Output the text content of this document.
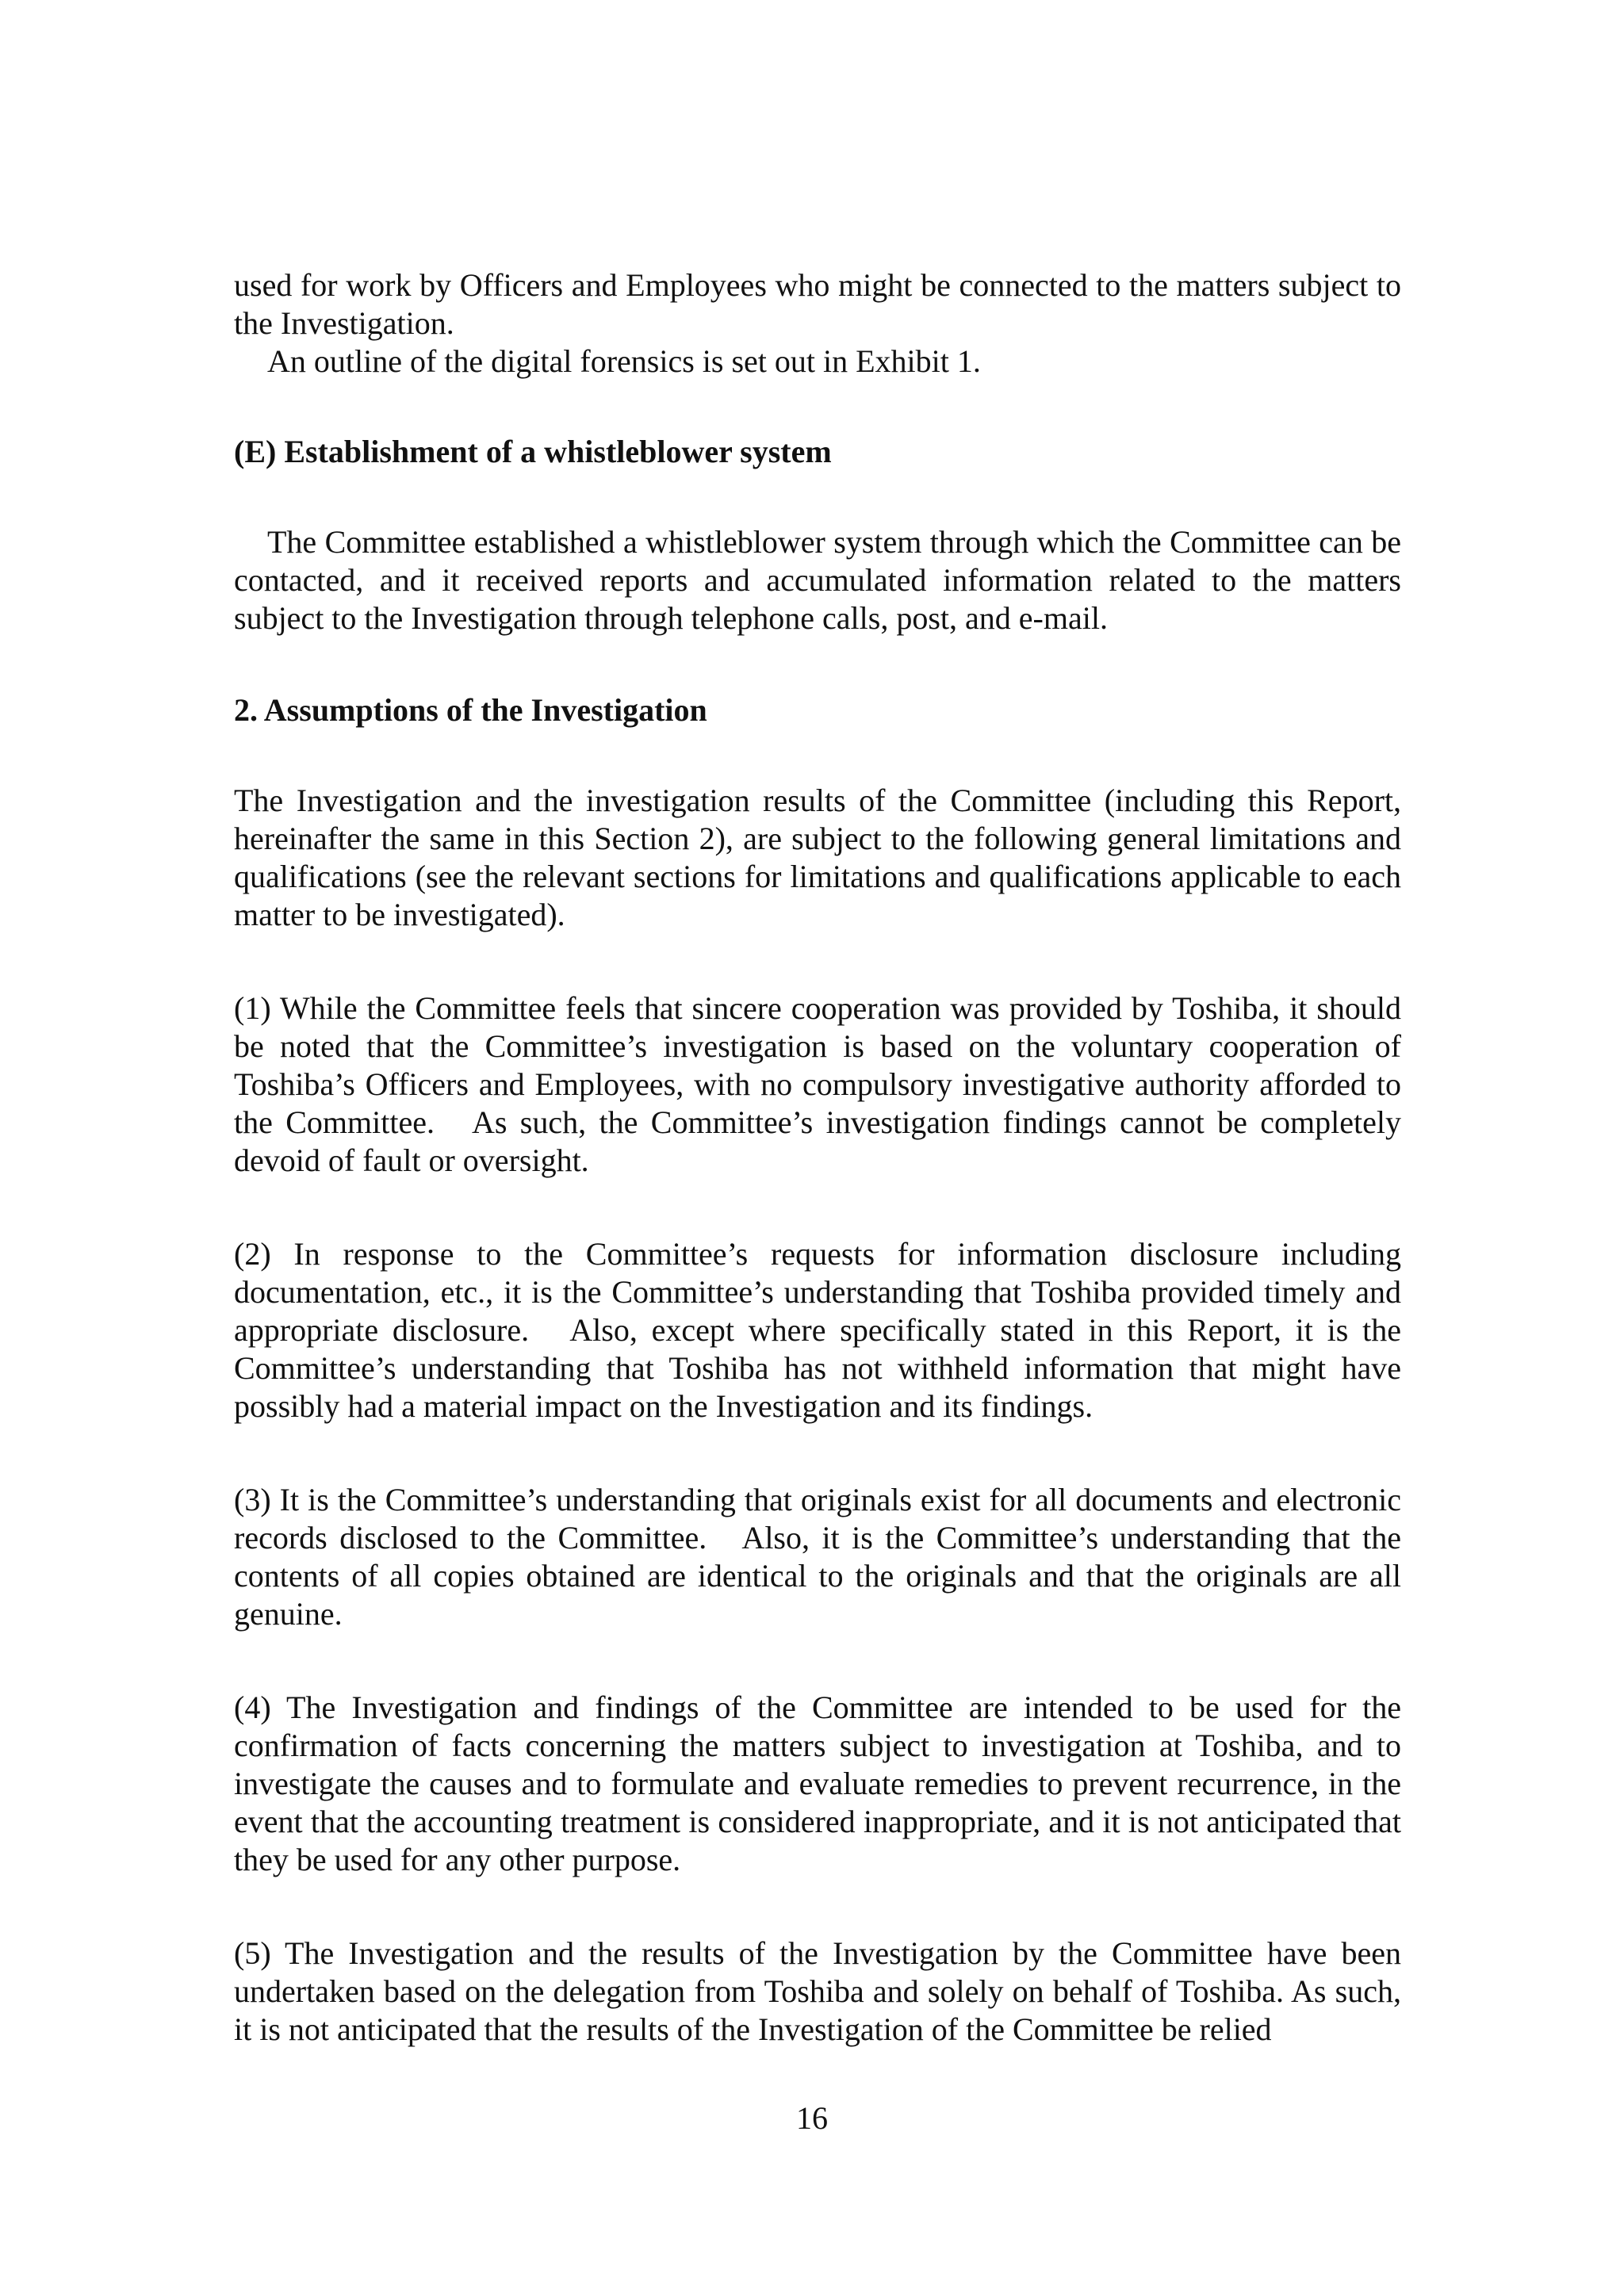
used for work by Officers and Employees who might be connected to the matters subject to the Investigation.

An outline of the digital forensics is set out in Exhibit 1.

(E) Establishment of a whistleblower system

The Committee established a whistleblower system through which the Committee can be contacted, and it received reports and accumulated information related to the matters subject to the Investigation through telephone calls, post, and e-mail.

2. Assumptions of the Investigation

The Investigation and the investigation results of the Committee (including this Report, hereinafter the same in this Section 2), are subject to the following general limitations and qualifications (see the relevant sections for limitations and qualifications applicable to each matter to be investigated).

(1) While the Committee feels that sincere cooperation was provided by Toshiba, it should be noted that the Committee’s investigation is based on the voluntary cooperation of Toshiba’s Officers and Employees, with no compulsory investigative authority afforded to the Committee.   As such, the Committee’s investigation findings cannot be completely devoid of fault or oversight.

(2) In response to the Committee’s requests for information disclosure including documentation, etc., it is the Committee’s understanding that Toshiba provided timely and appropriate disclosure.   Also, except where specifically stated in this Report, it is the Committee’s understanding that Toshiba has not withheld information that might have possibly had a material impact on the Investigation and its findings.

(3) It is the Committee’s understanding that originals exist for all documents and electronic records disclosed to the Committee.   Also, it is the Committee’s understanding that the contents of all copies obtained are identical to the originals and that the originals are all genuine.

(4) The Investigation and findings of the Committee are intended to be used for the confirmation of facts concerning the matters subject to investigation at Toshiba, and to investigate the causes and to formulate and evaluate remedies to prevent recurrence, in the event that the accounting treatment is considered inappropriate, and it is not anticipated that they be used for any other purpose.

(5) The Investigation and the results of the Investigation by the Committee have been undertaken based on the delegation from Toshiba and solely on behalf of Toshiba. As such, it is not anticipated that the results of the Investigation of the Committee be relied

16
